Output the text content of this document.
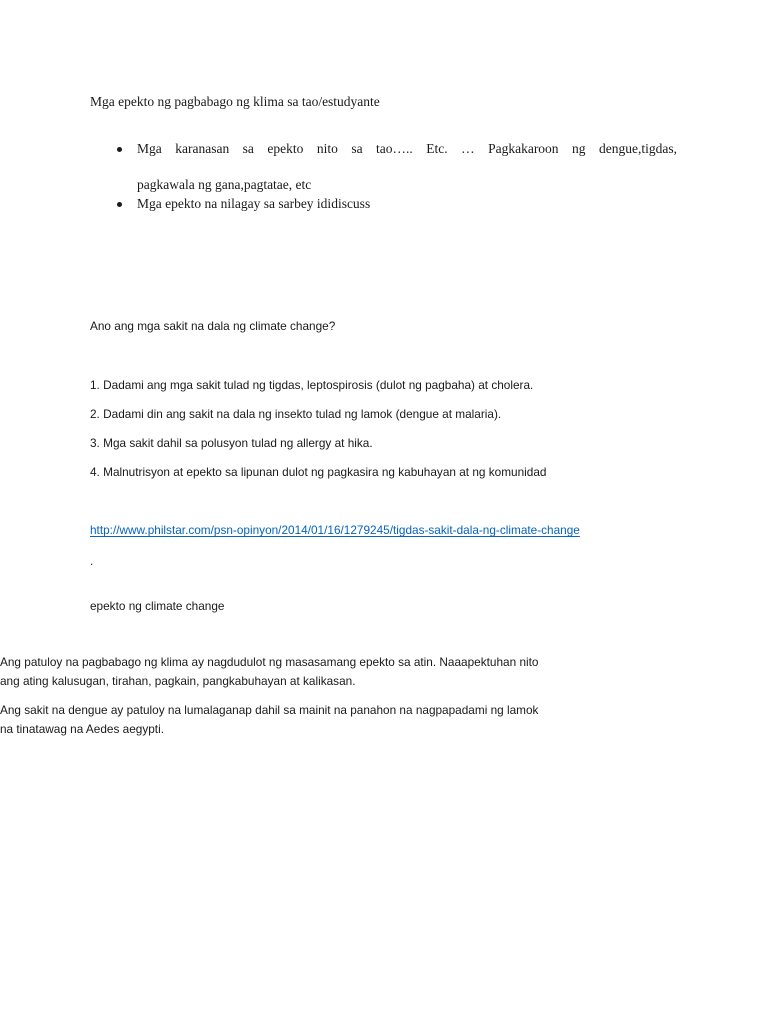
Mga epekto ng pagbabago ng klima sa tao/estudyante
Mga karanasan sa epekto nito sa tao….. Etc. … Pagkakaroon ng dengue,tigdas,
pagkawala ng gana,pagtatae, etc
Mga epekto na nilagay sa sarbey ididiscuss
Ano ang mga sakit na dala ng climate change?
1. Dadami ang mga sakit tulad ng tigdas, leptospirosis (dulot ng pagbaha) at cholera.
2. Dadami din ang sakit na dala ng insekto tulad ng lamok (dengue at malaria).
3. Mga sakit dahil sa polusyon tulad ng allergy at hika.
4. Malnutrisyon at epekto sa lipunan dulot ng pagkasira ng kabuhayan at ng komunidad
http://www.philstar.com/psn-opinyon/2014/01/16/1279245/tigdas-sakit-dala-ng-climate-change
.
epekto ng climate change
Ang patuloy na pagbabago ng klima ay nagdudulot ng masasamang epekto sa atin. Naaapektuhan nito
ang ating kalusugan, tirahan, pagkain, pangkabuhayan at kalikasan.
Ang sakit na dengue ay patuloy na lumalaganap dahil sa mainit na panahon na nagpapadami ng lamok
na tinatawag na Aedes aegypti.
